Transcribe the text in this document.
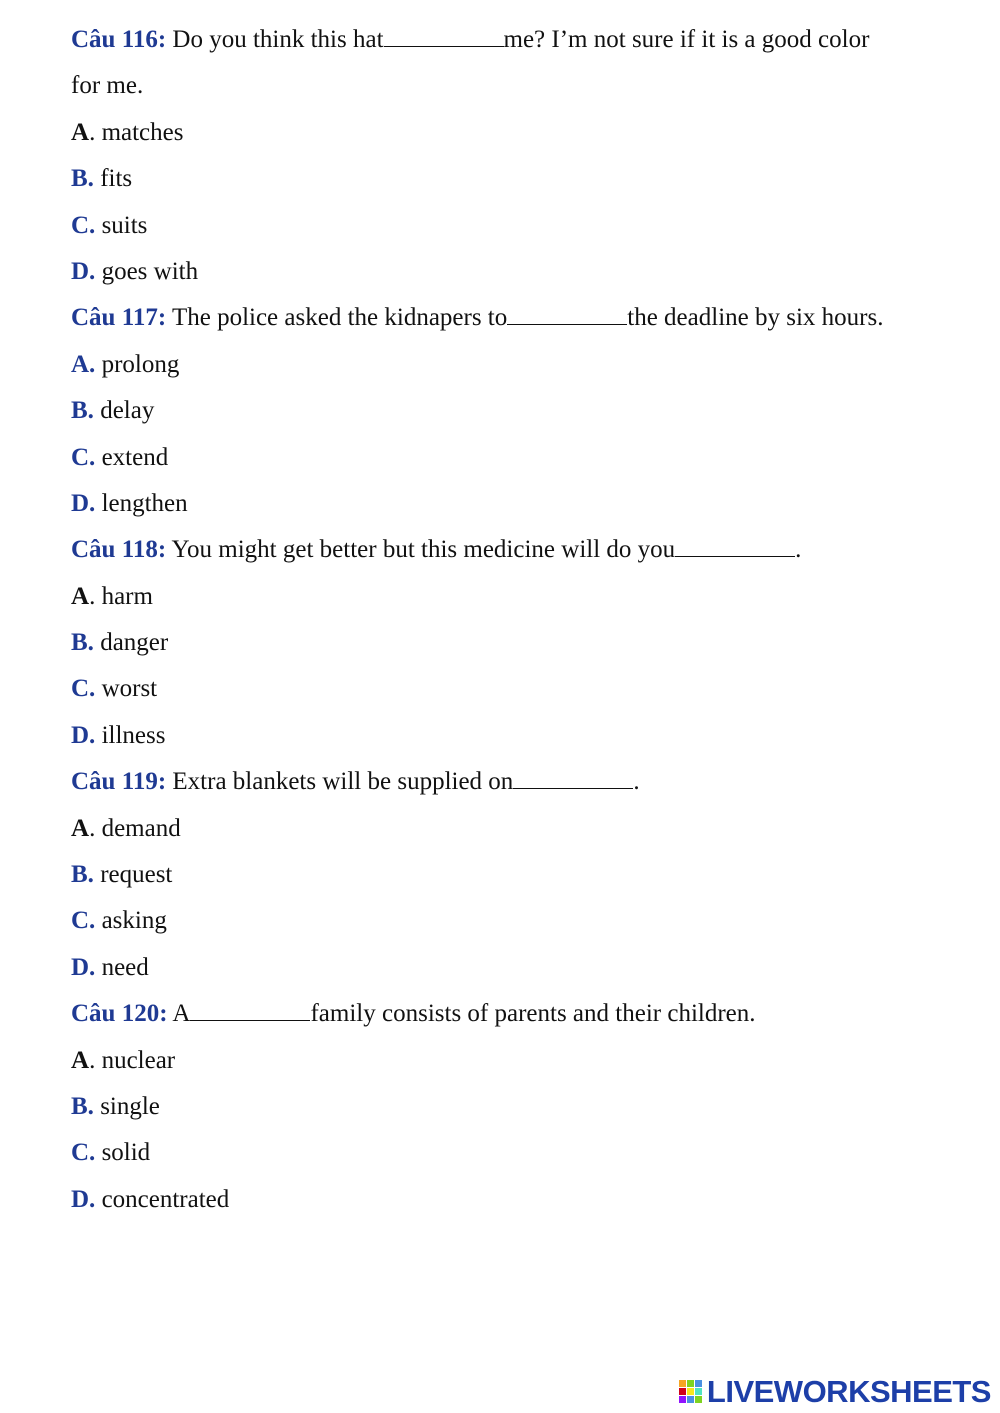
Câu 116: Do you think this hat	me? I’m not sure if it is a good color
for me.
A. matches
B. fits
C. suits
D. goes with
Câu 117: The police asked the kidnapers to	the deadline by six hours.
A. prolong
B. delay
C. extend
D. lengthen
Câu 118: You might get better but this medicine will do you	.
A. harm
B. danger
C. worst
D. illness
Câu 119: Extra blankets will be supplied on	.
A. demand
B. request
C. asking
D. need
Câu 120: A	family consists of parents and their children.
A. nuclear
B. single
C. solid
D. concentrated
LIVEWORKSHEETS
